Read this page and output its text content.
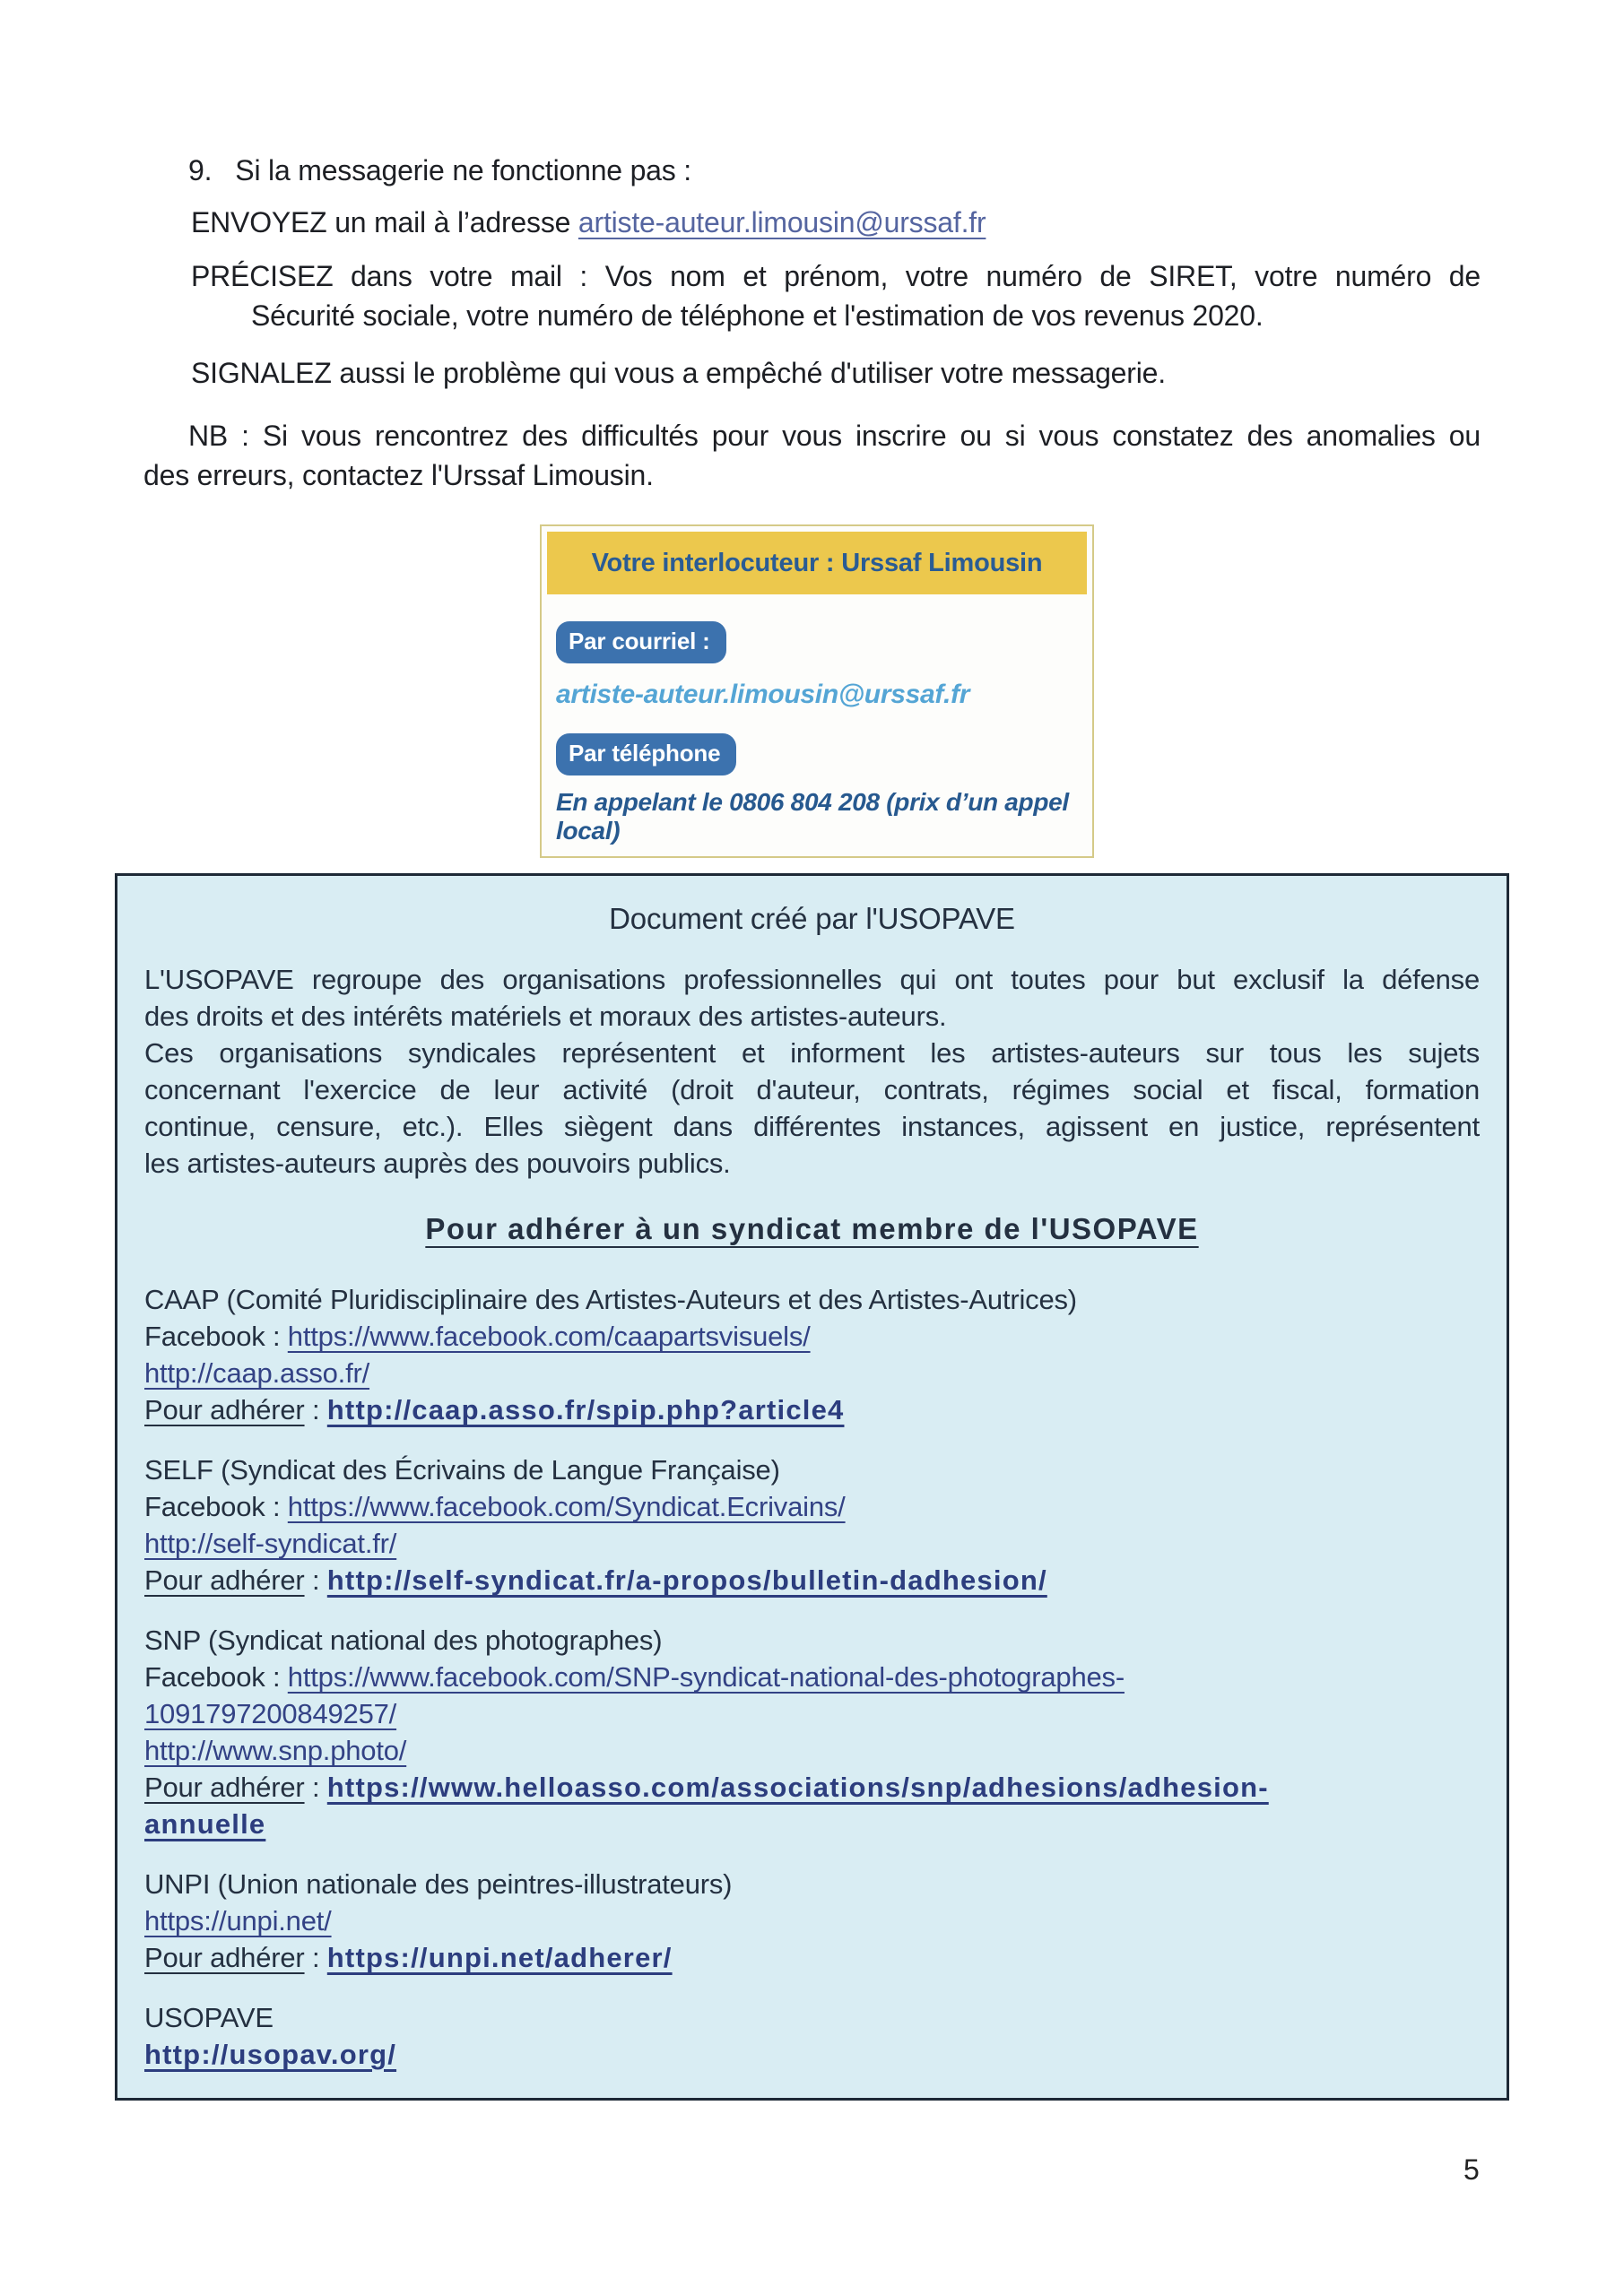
9. Si la messagerie ne fonctionne pas :
ENVOYEZ un mail à l’adresse artiste-auteur.limousin@urssaf.fr
PRÉCISEZ dans votre mail : Vos nom et prénom, votre numéro de SIRET, votre numéro de
Sécurité sociale, votre numéro de téléphone et l'estimation de vos revenus 2020.
SIGNALEZ aussi le problème qui vous a empêché d'utiliser votre messagerie.
NB : Si vous rencontrez des difficultés pour vous inscrire ou si vous constatez des anomalies ou
des erreurs, contactez l'Urssaf Limousin.
Votre interlocuteur : Urssaf Limousin
Par courriel :
artiste-auteur.limousin@urssaf.fr
Par téléphone
En appelant le 0806 804 208 (prix d’un appel local)
Document créé par l'USOPAVE
L'USOPAVE regroupe des organisations professionnelles qui ont toutes pour but exclusif la défense
des droits et des intérêts matériels et moraux des artistes-auteurs.
Ces organisations syndicales représentent et informent les artistes-auteurs sur tous les sujets
concernant l'exercice de leur activité (droit d'auteur, contrats, régimes social et fiscal, formation
continue, censure, etc.). Elles siègent dans différentes instances, agissent en justice, représentent
les artistes-auteurs auprès des pouvoirs publics.
Pour adhérer à un syndicat membre de l'USOPAVE
CAAP (Comité Pluridisciplinaire des Artistes-Auteurs et des Artistes-Autrices)
Facebook : https://www.facebook.com/caapartsvisuels/
http://caap.asso.fr/
Pour adhérer : http://caap.asso.fr/spip.php?article4
SELF (Syndicat des Écrivains de Langue Française)
Facebook : https://www.facebook.com/Syndicat.Ecrivains/
http://self-syndicat.fr/
Pour adhérer : http://self-syndicat.fr/a-propos/bulletin-dadhesion/
SNP (Syndicat national des photographes)
Facebook : https://www.facebook.com/SNP-syndicat-national-des-photographes-
1091797200849257/
http://www.snp.photo/
Pour adhérer : https://www.helloasso.com/associations/snp/adhesions/adhesion-
annuelle
UNPI (Union nationale des peintres-illustrateurs)
https://unpi.net/
Pour adhérer : https://unpi.net/adherer/
USOPAVE
http://usopav.org/
5
